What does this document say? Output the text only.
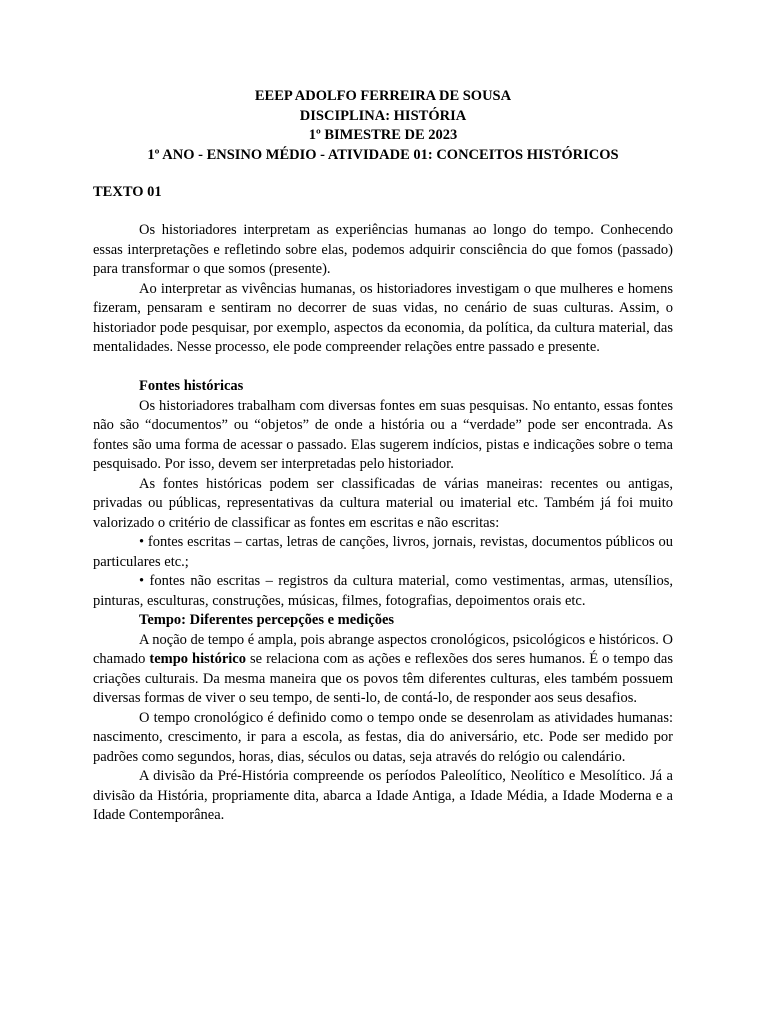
EEEP ADOLFO FERREIRA DE SOUSA
DISCIPLINA: HISTÓRIA
1º BIMESTRE DE 2023
1º ANO - ENSINO MÉDIO - ATIVIDADE 01: CONCEITOS HISTÓRICOS
TEXTO 01

Os historiadores interpretam as experiências humanas ao longo do tempo. Conhecendo essas interpretações e refletindo sobre elas, podemos adquirir consciência do que fomos (passado) para transformar o que somos (presente).

Ao interpretar as vivências humanas, os historiadores investigam o que mulheres e homens fizeram, pensaram e sentiram no decorrer de suas vidas, no cenário de suas culturas. Assim, o historiador pode pesquisar, por exemplo, aspectos da economia, da política, da cultura material, das mentalidades. Nesse processo, ele pode compreender relações entre passado e presente.

Fontes históricas

Os historiadores trabalham com diversas fontes em suas pesquisas. No entanto, essas fontes não são “documentos” ou “objetos” de onde a história ou a “verdade” pode ser encontrada. As fontes são uma forma de acessar o passado. Elas sugerem indícios, pistas e indicações sobre o tema pesquisado. Por isso, devem ser interpretadas pelo historiador.

As fontes históricas podem ser classificadas de várias maneiras: recentes ou antigas, privadas ou públicas, representativas da cultura material ou imaterial etc. Também já foi muito valorizado o critério de classificar as fontes em escritas e não escritas:

• fontes escritas – cartas, letras de canções, livros, jornais, revistas, documentos públicos ou particulares etc.;

• fontes não escritas – registros da cultura material, como vestimentas, armas, utensílios, pinturas, esculturas, construções, músicas, filmes, fotografias, depoimentos orais etc.

Tempo: Diferentes percepções e medições

A noção de tempo é ampla, pois abrange aspectos cronológicos, psicológicos e históricos. O chamado tempo histórico se relaciona com as ações e reflexões dos seres humanos. É o tempo das criações culturais. Da mesma maneira que os povos têm diferentes culturas, eles também possuem diversas formas de viver o seu tempo, de senti-lo, de contá-lo, de responder aos seus desafios.

O tempo cronológico é definido como o tempo onde se desenrolam as atividades humanas: nascimento, crescimento, ir para a escola, as festas, dia do aniversário, etc. Pode ser medido por padrões como segundos, horas, dias, séculos ou datas, seja através do relógio ou calendário.

A divisão da Pré-História compreende os períodos Paleolítico, Neolítico e Mesolítico. Já a divisão da História, propriamente dita, abarca a Idade Antiga, a Idade Média, a Idade Moderna e a Idade Contemporânea.
